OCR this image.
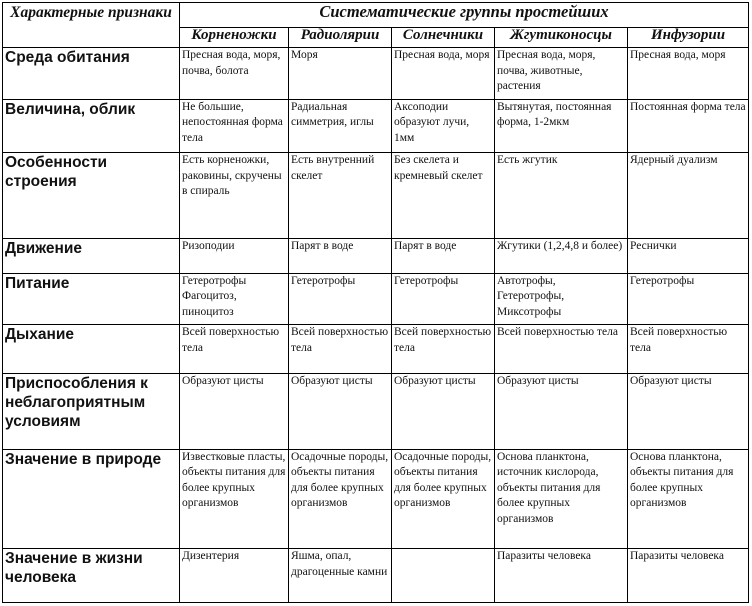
Характерные признаки	Систематические группы простейших				
	Корненожки	Радиолярии	Солнечники	Жгутиконосцы	Инфузории
Среда обитания	Пресная вода, моря, почва, болота	Моря	Пресная вода, моря	Пресная вода, моря, почва, животные, растения	Пресная вода, моря
Величина, облик	Не большие, непостоянная форма тела	Радиальная симметрия, иглы	Аксоподии образуют лучи, 1мм	Вытянутая, постоянная форма, 1-2мкм	Постоянная форма тела
Особенности строения	Есть корненожки, раковины, скручены в спираль	Есть внутренний скелет	Без скелета и кремневый скелет	Есть жгутик	Ядерный дуализм
Движение	Ризоподии	Парят в воде	Парят в воде	Жгутики (1,2,4,8 и более)	Реснички
Питание	Гетеротрофы Фагоцитоз, пиноцитоз	Гетеротрофы	Гетеротрофы	Автотрофы, Гетеротрофы, Миксотрофы	Гетеротрофы
Дыхание	Всей поверхностью тела	Всей поверхностью тела	Всей поверхностью тела	Всей поверхностью тела	Всей поверхностью тела
Приспособления к неблагоприятным условиям	Образуют цисты	Образуют цисты	Образуют цисты	Образуют цисты	Образуют цисты
Значение в природе	Известковые пласты, объекты питания для более крупных организмов	Осадочные породы, объекты питания для более крупных организмов	Осадочные породы, объекты питания для более крупных организмов	Основа планктона, источник кислорода, объекты питания для более крупных организмов	Основа планктона, объекты питания для более крупных организмов
Значение в жизни человека	Дизентерия	Яшма, опал, драгоценные камни		Паразиты человека	Паразиты человека
